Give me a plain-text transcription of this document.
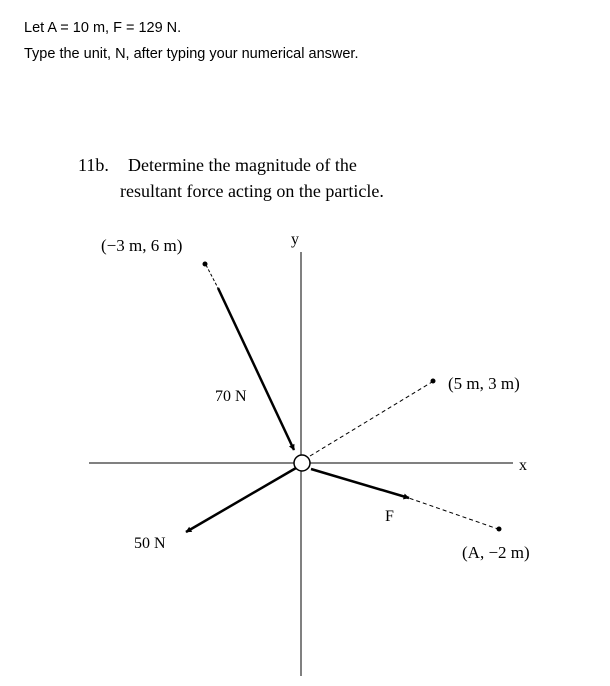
Let A = 10 m, F = 129 N.
Type the unit, N, after typing your numerical answer.
11b. Determine the magnitude of the
resultant force acting on the particle.
y
x
(−3 m, 6 m)
(5 m, 3 m)
(A, −2 m)
70 N
50 N
F
